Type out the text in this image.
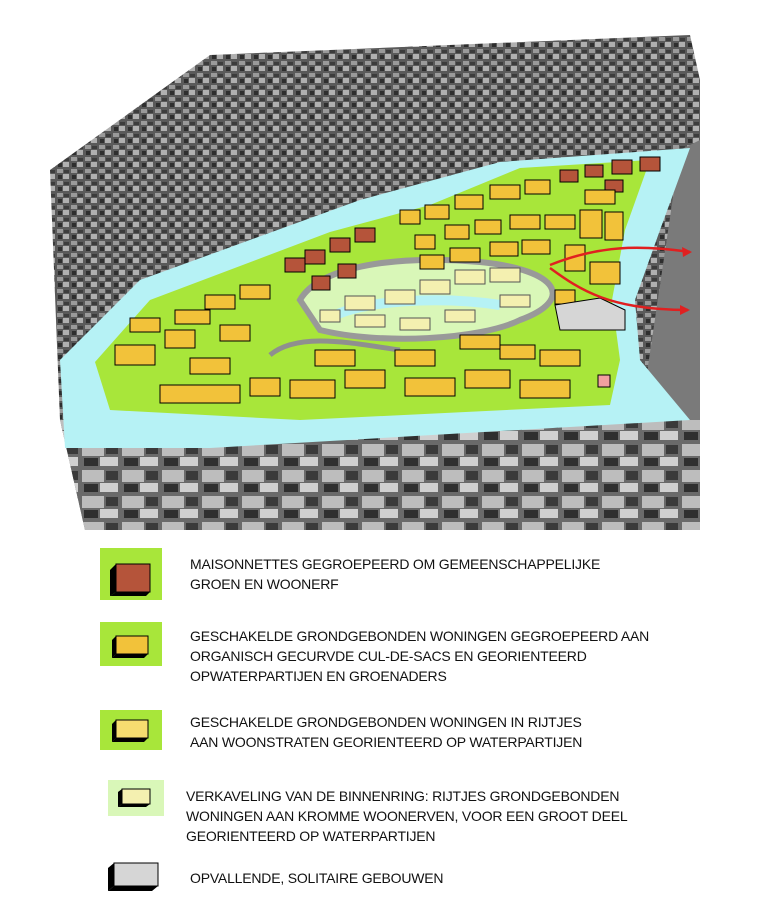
MAISONNETTES GEGROEPEERD OM GEMEENSCHAPPELIJKE
GROEN EN WOONERF
GESCHAKELDE GRONDGEBONDEN WONINGEN GEGROEPEERD AAN
ORGANISCH GECURVDE CUL-DE-SACS EN GEORIENTEERD
OPWATERPARTIJEN EN GROENADERS
GESCHAKELDE GRONDGEBONDEN WONINGEN IN RIJTJES
AAN WOONSTRATEN GEORIENTEERD OP WATERPARTIJEN
VERKAVELING VAN DE BINNENRING: RIJTJES GRONDGEBONDEN
WONINGEN AAN KROMME WOONERVEN, VOOR EEN GROOT DEEL
GEORIENTEERD OP WATERPARTIJEN
OPVALLENDE, SOLITAIRE GEBOUWEN
